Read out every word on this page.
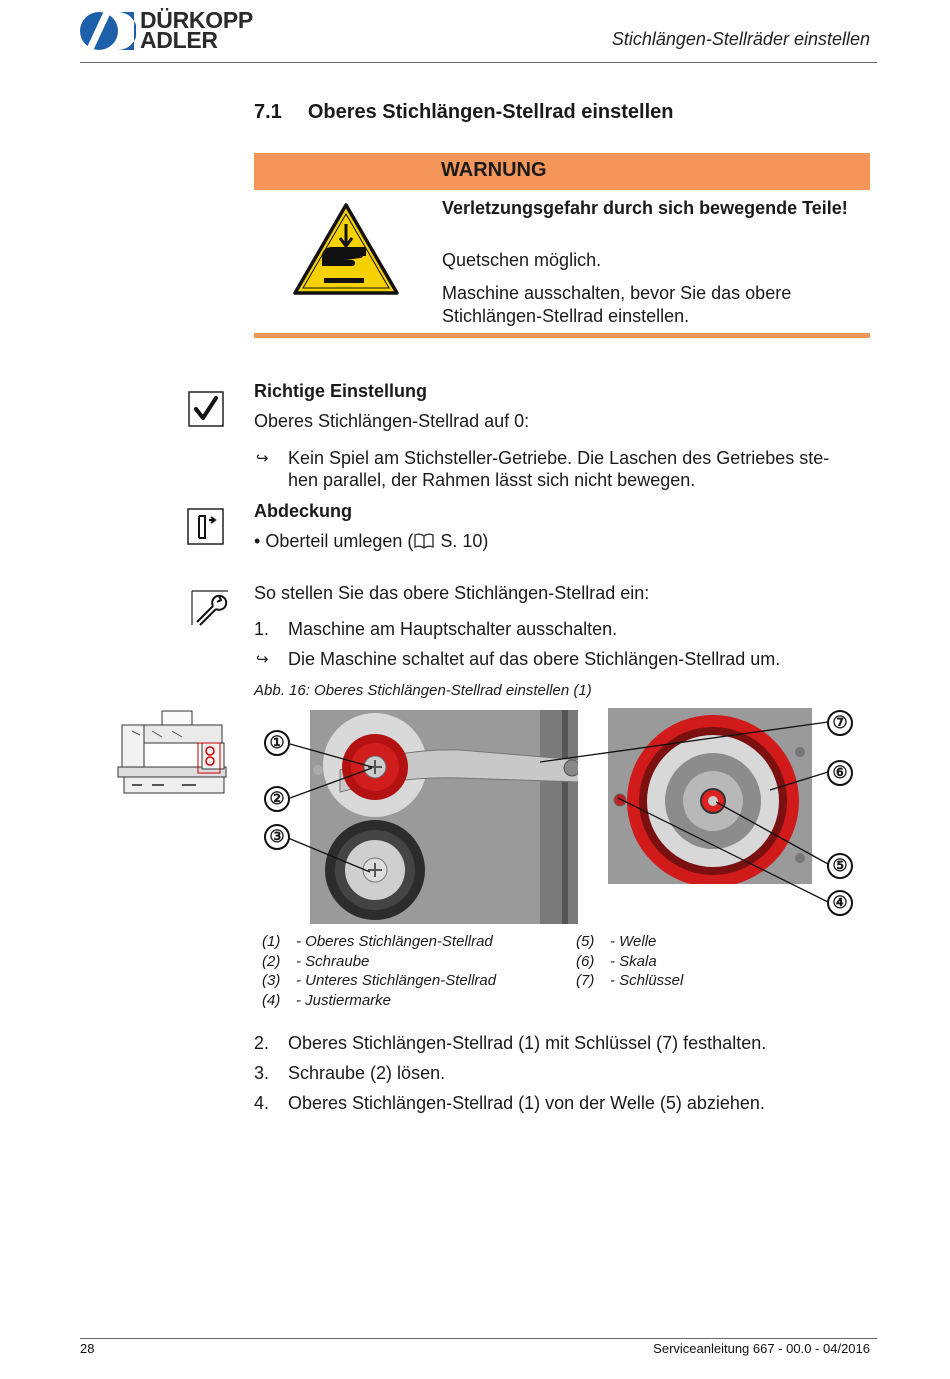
DÜRKOPP
ADLER	Stichlängen-Stellräder einstellen
7.1 Oberes Stichlängen-Stellrad einstellen
WARNUNG
Verletzungsgefahr durch sich bewegende Teile!
Quetschen möglich.
Maschine ausschalten, bevor Sie das obere Stichlängen-Stellrad einstellen.
Richtige Einstellung
Oberes Stichlängen-Stellrad auf 0:
↪ Kein Spiel am Stichsteller-Getriebe. Die Laschen des Getriebes ste-
hen parallel, der Rahmen lässt sich nicht bewegen.
Abdeckung
• Oberteil umlegen ( S. 10)
So stellen Sie das obere Stichlängen-Stellrad ein:
1. Maschine am Hauptschalter ausschalten.
↪ Die Maschine schaltet auf das obere Stichlängen-Stellrad um.
Abb. 16: Oberes Stichlängen-Stellrad einstellen (1)
①
②
③
④
⑤
⑥
⑦
(1) - Oberes Stichlängen-Stellrad
(2) - Schraube
(3) - Unteres Stichlängen-Stellrad
(4) - Justiermarke
(5) - Welle
(6) - Skala
(7) - Schlüssel
2. Oberes Stichlängen-Stellrad (1) mit Schlüssel (7) festhalten.
3. Schraube (2) lösen.
4. Oberes Stichlängen-Stellrad (1) von der Welle (5) abziehen.
28	Serviceanleitung 667 - 00.0 - 04/2016
